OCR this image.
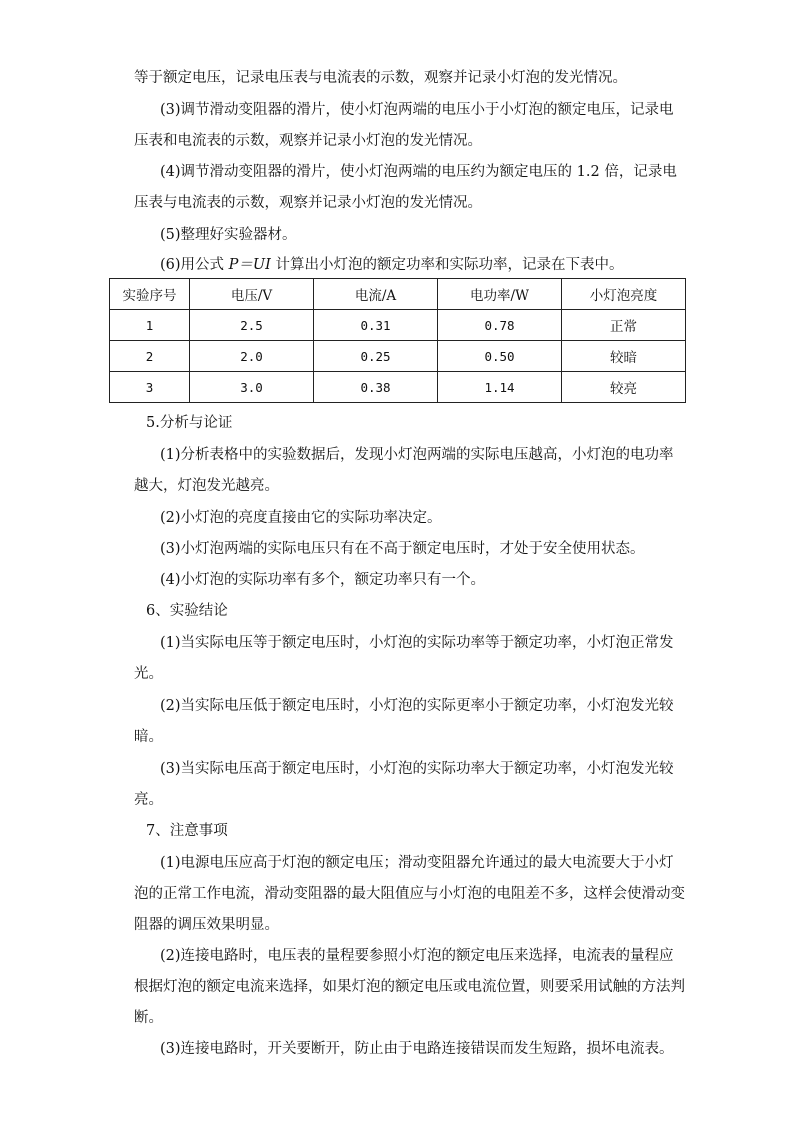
等于额定电压，记录电压表与电流表的示数，观察并记录小灯泡的发光情况。
(3)调节滑动变阻器的滑片，使小灯泡两端的电压小于小灯泡的额定电压，记录电
压表和电流表的示数，观察并记录小灯泡的发光情况。
(4)调节滑动变阻器的滑片，使小灯泡两端的电压约为额定电压的 1.2 倍，记录电
压表与电流表的示数，观察并记录小灯泡的发光情况。
(5)整理好实验器材。
(6)用公式 P＝UI 计算出小灯泡的额定功率和实际功率，记录在下表中。
实验序号	电压/V	电流/A	电功率/W	小灯泡亮度
1	2.5	0.31	0.78	正常
2	2.0	0.25	0.50	较暗
3	3.0	0.38	1.14	较亮
5.分析与论证
(1)分析表格中的实验数据后，发现小灯泡两端的实际电压越高，小灯泡的电功率
越大，灯泡发光越亮。
(2)小灯泡的亮度直接由它的实际功率决定。
(3)小灯泡两端的实际电压只有在不高于额定电压时，才处于安全使用状态。
(4)小灯泡的实际功率有多个，额定功率只有一个。
6、实验结论
(1)当实际电压等于额定电压时，小灯泡的实际功率等于额定功率，小灯泡正常发
光。
(2)当实际电压低于额定电压时，小灯泡的实际更率小于额定功率，小灯泡发光较
暗。
(3)当实际电压高于额定电压时，小灯泡的实际功率大于额定功率，小灯泡发光较
亮。
7、注意事项
(1)电源电压应高于灯泡的额定电压；滑动变阻器允许通过的最大电流要大于小灯
泡的正常工作电流，滑动变阻器的最大阻值应与小灯泡的电阻差不多，这样会使滑动变
阻器的调压效果明显。
(2)连接电路时，电压表的量程要参照小灯泡的额定电压来选择，电流表的量程应
根据灯泡的额定电流来选择，如果灯泡的额定电压或电流位置，则要采用试触的方法判
断。
(3)连接电路时，开关要断开，防止由于电路连接错误而发生短路，损坏电流表。
